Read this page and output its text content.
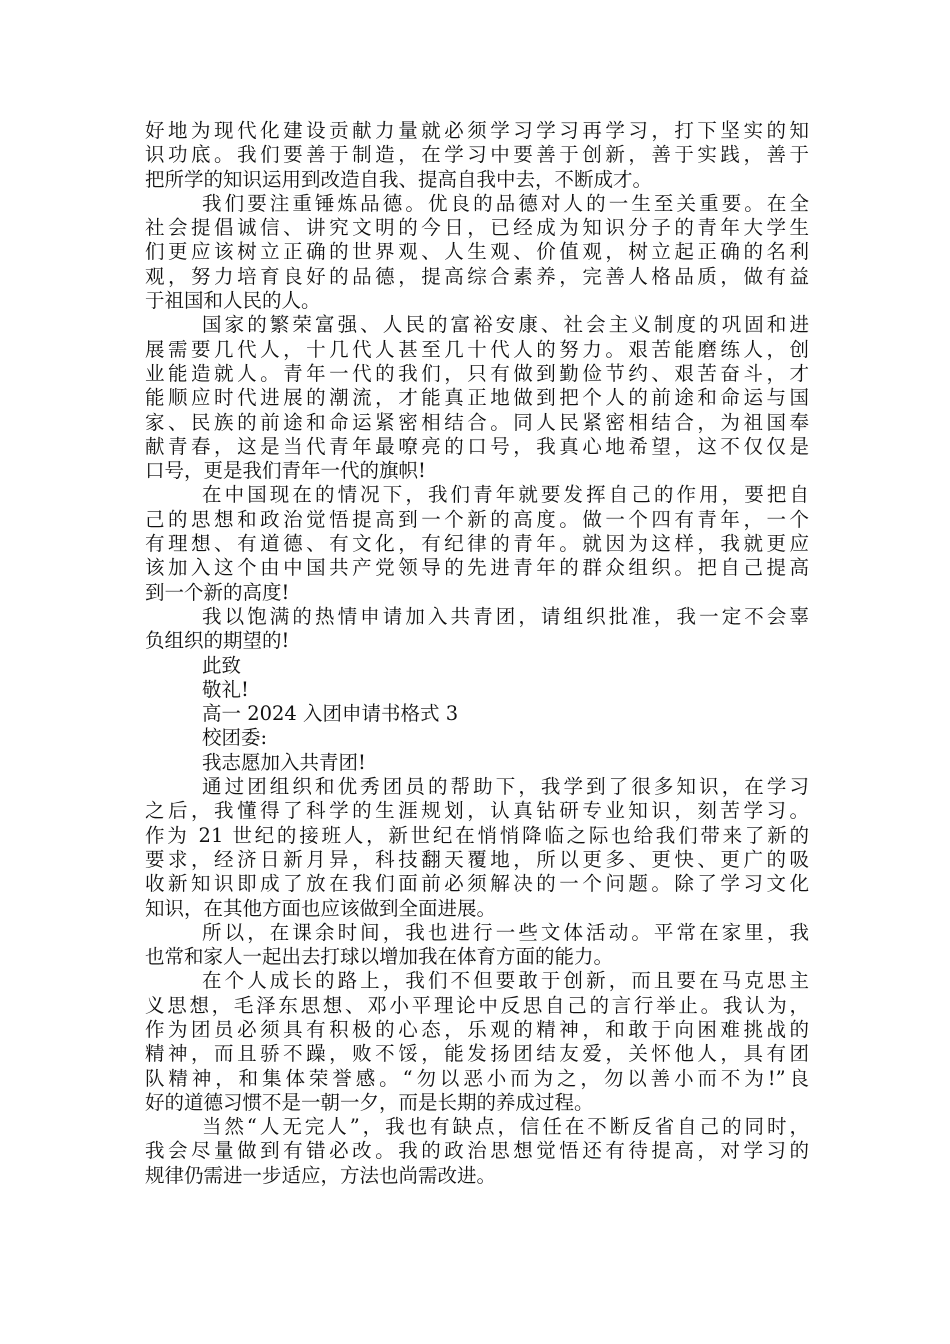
好地为现代化建设贡献力量就必须学习学习再学习，打下坚实的知
识功底。我们要善于制造，在学习中要善于创新，善于实践，善于
把所学的知识运用到改造自我、提高自我中去，不断成才。
我们要注重锤炼品德。优良的品德对人的一生至关重要。在全
社会提倡诚信、讲究文明的今日，已经成为知识分子的青年大学生
们更应该树立正确的世界观、人生观、价值观，树立起正确的名利
观，努力培育良好的品德，提高综合素养，完善人格品质，做有益
于祖国和人民的人。
国家的繁荣富强、人民的富裕安康、社会主义制度的巩固和进
展需要几代人，十几代人甚至几十代人的努力。艰苦能磨练人，创
业能造就人。青年一代的我们，只有做到勤俭节约、艰苦奋斗，才
能顺应时代进展的潮流，才能真正地做到把个人的前途和命运与国
家、民族的前途和命运紧密相结合。同人民紧密相结合，为祖国奉
献青春，这是当代青年最嘹亮的口号，我真心地希望，这不仅仅是
口号，更是我们青年一代的旗帜!
在中国现在的情况下，我们青年就要发挥自己的作用，要把自
己的思想和政治觉悟提高到一个新的高度。做一个四有青年，一个
有理想、有道德、有文化，有纪律的青年。就因为这样，我就更应
该加入这个由中国共产党领导的先进青年的群众组织。把自己提高
到一个新的高度!
我以饱满的热情申请加入共青团，请组织批准，我一定不会辜
负组织的期望的!
此致
敬礼!
高一 2024 入团申请书格式 3
校团委:
我志愿加入共青团!
通过团组织和优秀团员的帮助下，我学到了很多知识，在学习
之后，我懂得了科学的生涯规划，认真钻研专业知识，刻苦学习。
作为 21 世纪的接班人，新世纪在悄悄降临之际也给我们带来了新的
要求，经济日新月异，科技翻天覆地，所以更多、更快、更广的吸
收新知识即成了放在我们面前必须解决的一个问题。除了学习文化
知识，在其他方面也应该做到全面进展。
所以，在课余时间，我也进行一些文体活动。平常在家里，我
也常和家人一起出去打球以增加我在体育方面的能力。
在个人成长的路上，我们不但要敢于创新，而且要在马克思主
义思想，毛泽东思想、邓小平理论中反思自己的言行举止。我认为，
作为团员必须具有积极的心态，乐观的精神，和敢于向困难挑战的
精神，而且骄不躁，败不馁，能发扬团结友爱，关怀他人，具有团
队精神，和集体荣誉感。“勿以恶小而为之，勿以善小而不为!”良
好的道德习惯不是一朝一夕，而是长期的养成过程。
当然“人无完人”，我也有缺点，信任在不断反省自己的同时，
我会尽量做到有错必改。我的政治思想觉悟还有待提高，对学习的
规律仍需进一步适应，方法也尚需改进。
